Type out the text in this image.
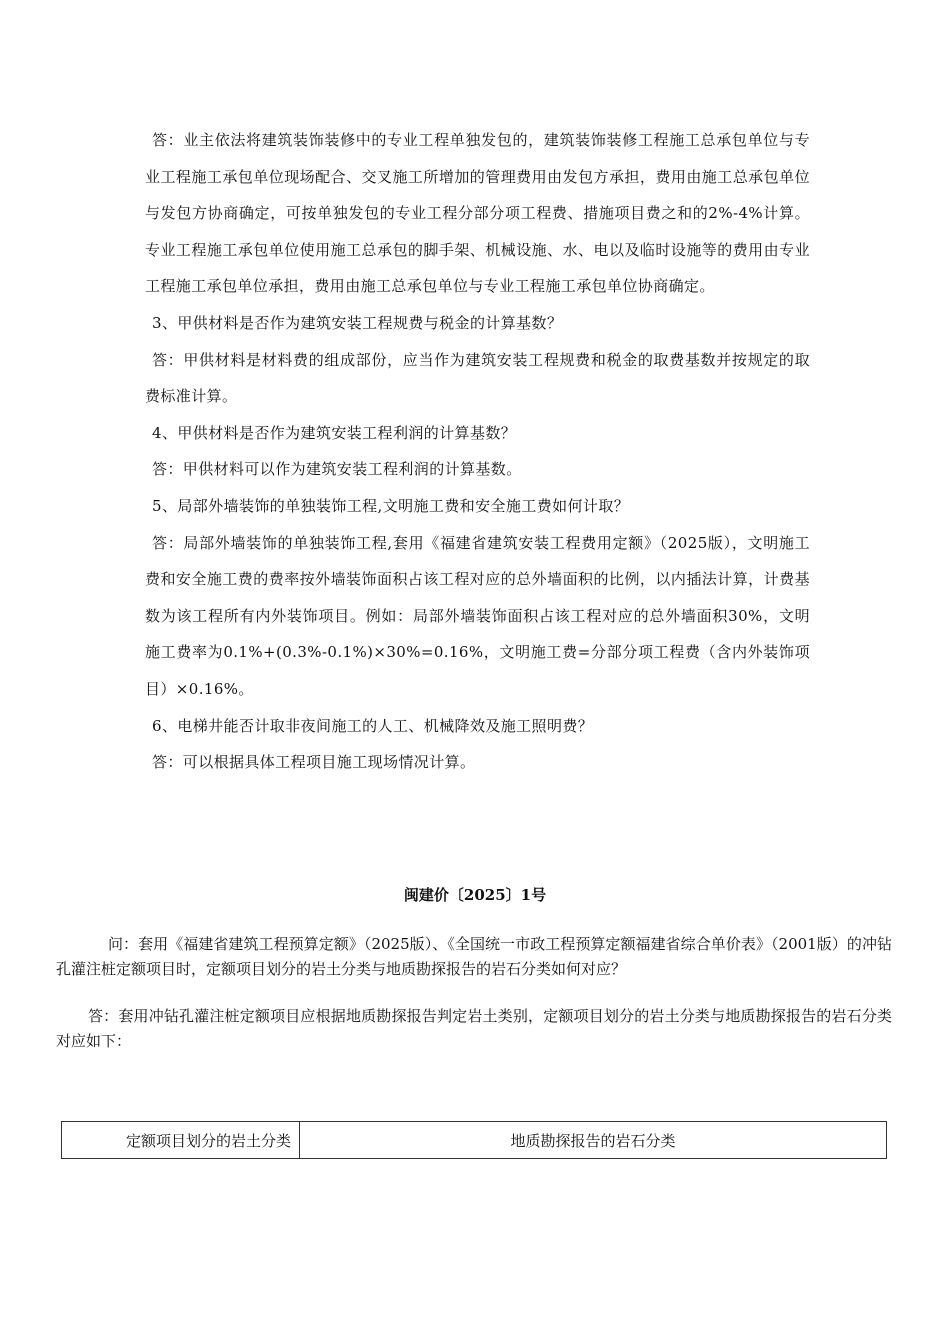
答：业主依法将建筑装饰装修中的专业工程单独发包的，建筑装饰装修工程施工总承包单位与专业工程施工承包单位现场配合、交叉施工所增加的管理费用由发包方承担，费用由施工总承包单位与发包方协商确定，可按单独发包的专业工程分部分项工程费、措施项目费之和的2%-4%计算。专业工程施工承包单位使用施工总承包的脚手架、机械设施、水、电以及临时设施等的费用由专业工程施工承包单位承担，费用由施工总承包单位与专业工程施工承包单位协商确定。

3、甲供材料是否作为建筑安装工程规费与税金的计算基数？

答：甲供材料是材料费的组成部份，应当作为建筑安装工程规费和税金的取费基数并按规定的取费标准计算。

4、甲供材料是否作为建筑安装工程利润的计算基数？

答：甲供材料可以作为建筑安装工程利润的计算基数。

5、局部外墙装饰的单独装饰工程,文明施工费和安全施工费如何计取？

答：局部外墙装饰的单独装饰工程,套用《福建省建筑安装工程费用定额》（2025版），文明施工费和安全施工费的费率按外墙装饰面积占该工程对应的总外墙面积的比例，以内插法计算，计费基数为该工程所有内外装饰项目。例如：局部外墙装饰面积占该工程对应的总外墙面积30%，文明施工费率为0.1%+(0.3%-0.1%)×30%=0.16%，文明施工费=分部分项工程费（含内外装饰项目）×0.16%。

6、电梯井能否计取非夜间施工的人工、机械降效及施工照明费？

答：可以根据具体工程项目施工现场情况计算。

闽建价〔2025〕1号

问：套用《福建省建筑工程预算定额》（2025版）、《全国统一市政工程预算定额福建省综合单价表》（2001版）的冲钻孔灌注桩定额项目时，定额项目划分的岩土分类与地质勘探报告的岩石分类如何对应？

答：套用冲钻孔灌注桩定额项目应根据地质勘探报告判定岩土类别，定额项目划分的岩土分类与地质勘探报告的岩石分类对应如下：

定额项目划分的岩土分类	地质勘探报告的岩石分类
